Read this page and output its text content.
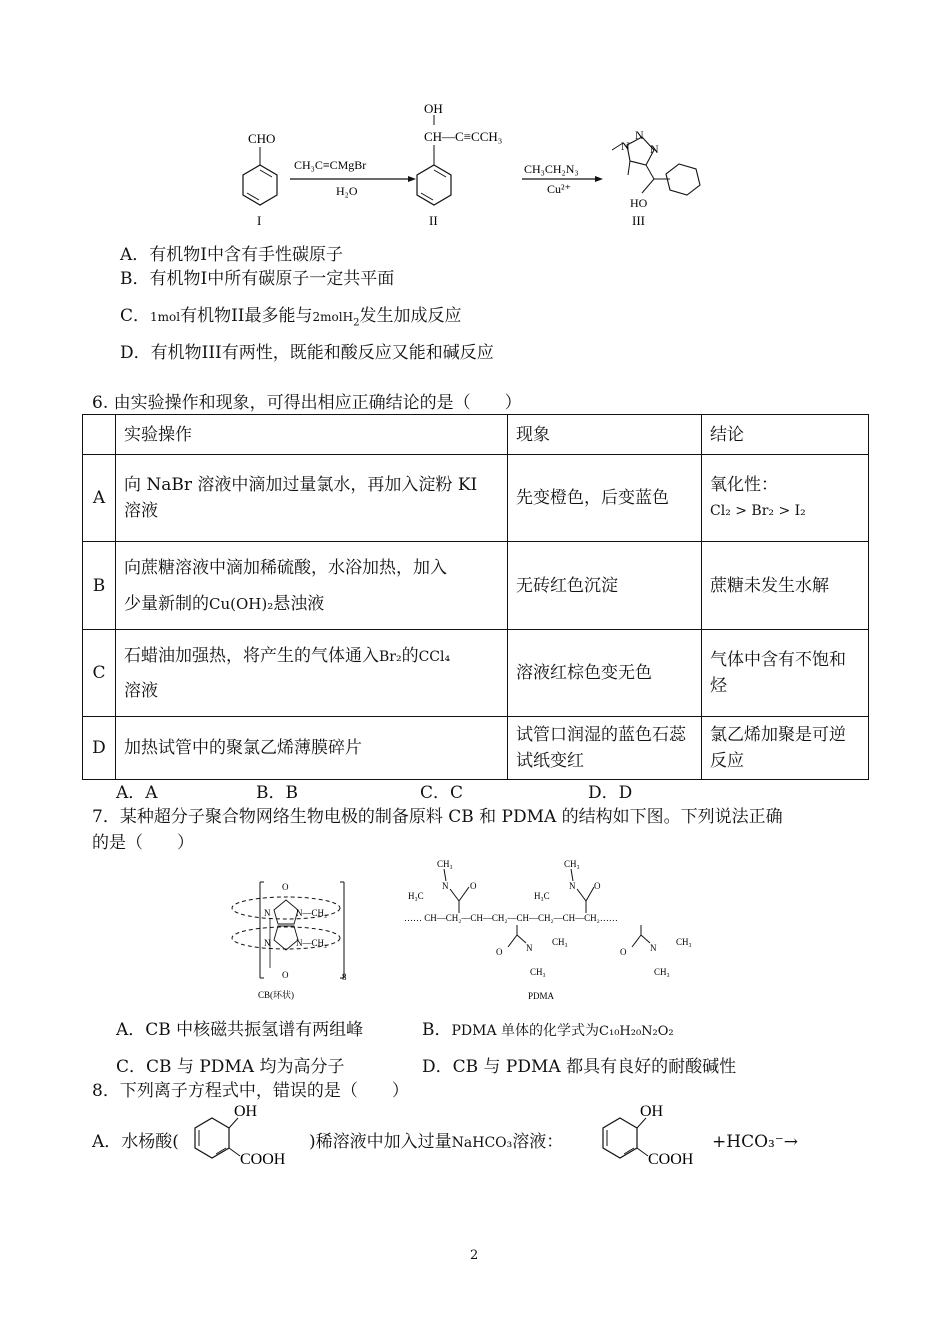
CHO
I
CH₃C≡CMgBr
H₂O
OH
CH—C≡CCH₃
II
CH₃CH₂N₃
Cu²⁺
N
N
N
HO
III
A．有机物I中含有手性碳原子
B．有机物I中所有碳原子一定共平面
C．1mol有机物II最多能与2molH$_2$发生加成反应
D．有机物III有两性，既能和酸反应又能和碱反应
6. 由实验操作和现象，可得出相应正确结论的是（　　）
	实验操作	现象	结论
A	向 NaBr 溶液中滴加过量氯水，再加入淀粉 KI 溶液	先变橙色，后变蓝色	氧化性：
Cl₂ > Br₂ > I₂

B	向蔗糖溶液中滴加稀硫酸，水浴加热，加入
少量新制的Cu(OH)₂悬浊液	无砖红色沉淀	蔗糖未发生水解
C	石蜡油加强热，将产生的气体通入Br₂的CCl₄
溶液	溶液红棕色变无色	气体中含有不饱和烃
D	加热试管中的聚氯乙烯薄膜碎片	试管口润湿的蓝色石蕊试纸变红	氯乙烯加聚是可逆反应
A．A	B．B	C．C	D．D
7．某种超分子聚合物网络生物电极的制备原料 CB 和 PDMA 的结构如下图。下列说法正确
的是（　　）
O
O
N
N
N—CH₂
N—CH₂
8
CB(环状)
CH₃	CH₃
N	N
H₃C	H₃C
O	O
…… CH—CH₂—CH—CH₂—CH—CH₂—CH—CH₂……
O	O
N	N
CH₃	CH₃
CH₃	CH₃
PDMA
A．CB 中核磁共振氢谱有两组峰	B．PDMA 单体的化学式为C₁₀H₂₀N₂O₂
C．CB 与 PDMA 均为高分子	D．CB 与 PDMA 都具有良好的耐酸碱性
8．下列离子方程式中，错误的是（　　）
A．水杨酸(
OH
COOH
)稀溶液中加入过量NaHCO₃溶液：
OH
COOH
+HCO₃⁻→
2
